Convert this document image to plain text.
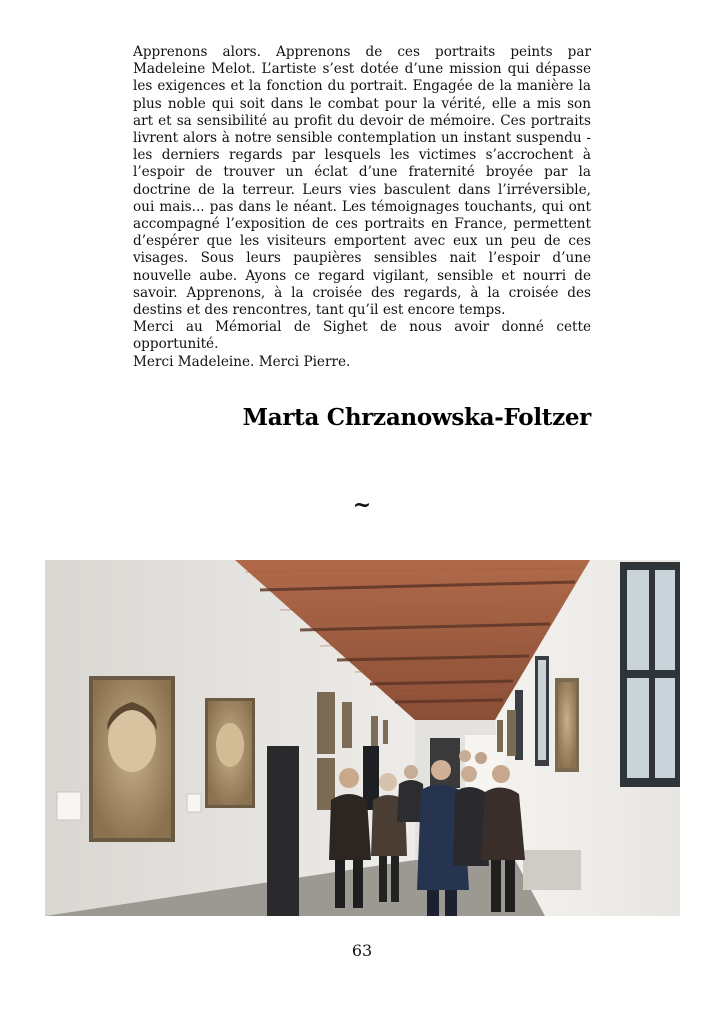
Apprenons alors. Apprenons de ces portraits peints par Madeleine Melot. L’artiste s’est dotée d’une mission qui dépasse les exigences et la fonction du portrait. Engagée de la manière la plus noble qui soit dans le combat pour la vérité, elle a mis son art et sa sensibilité au profit du devoir de mémoire. Ces portraits livrent alors à notre sensible contemplation un instant suspendu - les derniers regards par lesquels les victimes s’accrochent à l’espoir de trouver un éclat d’une fraternité broyée par la doctrine de la terreur. Leurs vies basculent dans l’irréversible, oui mais... pas dans le néant. Les témoignages touchants, qui ont accompagné l’exposition de ces portraits en France, permettent d’espérer que les visiteurs emportent avec eux un peu de ces visages. Sous leurs paupières sensibles nait l’espoir d’une nouvelle aube. Ayons ce regard vigilant, sensible et nourri de savoir. Apprenons, à la croisée des regards, à la croisée des destins et des rencontres, tant qu’il est encore temps.

Merci au Mémorial de Sighet de nous avoir donné cette opportunité.

Merci Madeleine. Merci Pierre.

Marta Chrzanowska-Foltzer
~
63
